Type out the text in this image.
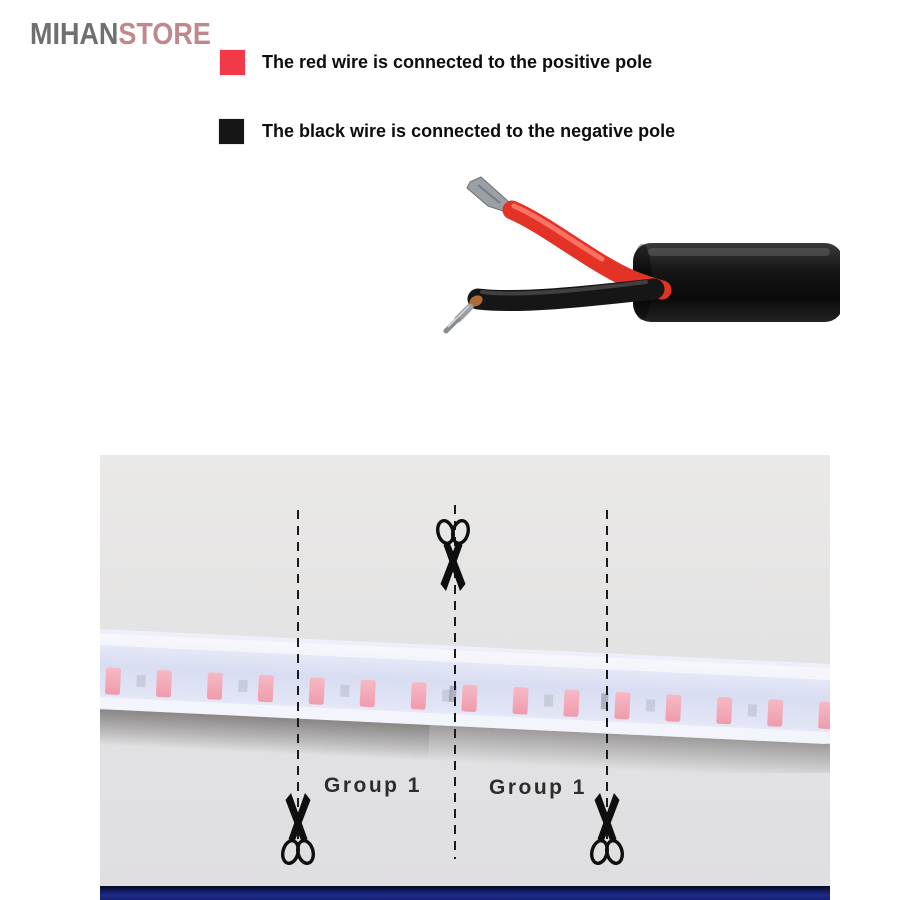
MIHANSTORE
The red wire is connected to the positive pole
The black wire is connected to the negative pole
Group 1	Group 1
